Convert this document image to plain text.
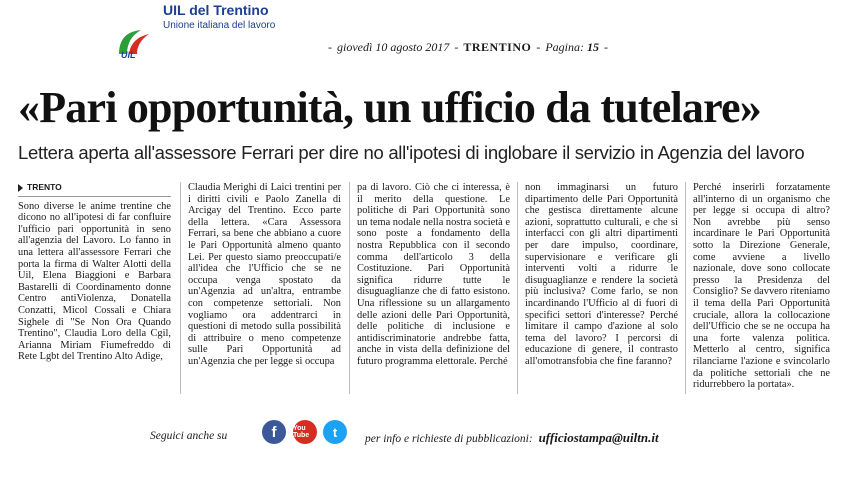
UIL
UIL del Trentino
Unione italiana del lavoro
- giovedì 10 agosto 2017 - TRENTINO - Pagina: 15 -
«Pari opportunità, un ufficio da tutelare»
Lettera aperta all'assessore Ferrari per dire no all'ipotesi di inglobare il servizio in Agenzia del lavoro
TRENTO

Sono diverse le anime trentine che dicono no all'ipotesi di far confluire l'ufficio pari opportunità in seno all'agenzia del Lavoro. Lo fanno in una lettera all'assessore Ferrari che porta la firma di Walter Alotti della Uil, Elena Biaggioni e Barbara Bastarelli di Coordinamento donne Centro antiViolenza, Donatella Conzatti, Micol Cossali e Chiara Sighele di "Se Non Ora Quando Trentino", Claudia Loro della Cgil, Arianna Miriam Fiumefreddo di Rete Lgbt del Trentino Alto Adige,

Claudia Merighi di Laici trentini per i diritti civili e Paolo Zanella di Arcigay del Trentino. Ecco parte della lettera. «Cara Assessora Ferrari, sa bene che abbiano a cuore le Pari Opportunità almeno quanto Lei. Per questo siamo preoccupati/e all'idea che l'Ufficio che se ne occupa venga spostato da un'Agenzia ad un'altra, entrambe con competenze settoriali. Non vogliamo ora addentrarci in questioni di metodo sulla possibilità di attribuire o meno competenze sulle Pari Opportunità ad un'Agenzia che per legge si occupa

pa di lavoro. Ciò che ci interessa, è il merito della questione. Le politiche di Pari Opportunità sono un tema nodale nella nostra società e sono poste a fondamento della nostra Repubblica con il secondo comma dell'articolo 3 della Costituzione. Pari Opportunità significa ridurre tutte le disuguaglianze che di fatto esistono. Una riflessione su un allargamento delle azioni delle Pari Opportunità, delle politiche di inclusione e antidiscriminatorie andrebbe fatta, anche in vista della definizione del futuro programma elettorale. Perché

non immaginarsi un futuro dipartimento delle Pari Opportunità che gestisca direttamente alcune azioni, soprattutto culturali, e che si interfacci con gli altri dipartimenti per dare impulso, coordinare, supervisionare e verificare gli interventi volti a ridurre le disuguaglianze e rendere la società più inclusiva? Come farlo, se non incardinando l'Ufficio al di fuori di specifici settori d'interesse? Perché limitare il campo d'azione al solo tema del lavoro? I percorsi di educazione di genere, il contrasto all'omotransfobia che fine faranno?

Perché inserirli forzatamente all'interno di un organismo che per legge si occupa di altro? Non avrebbe più senso incardinare le Pari Opportunità sotto la Direzione Generale, come avviene a livello nazionale, dove sono collocate presso la Presidenza del Consiglio? Se davvero riteniamo il tema della Pari Opportunità cruciale, allora la collocazione dell'Ufficio che se ne occupa ha una forte valenza politica. Metterlo al centro, significa rilanciarne l'azione e svincolarlo da politiche settoriali che ne ridurrebbero la portata».

Seguici anche su	f	You Tube	t	per info e richieste di pubblicazioni: ufficiostampa@uiltn.it
